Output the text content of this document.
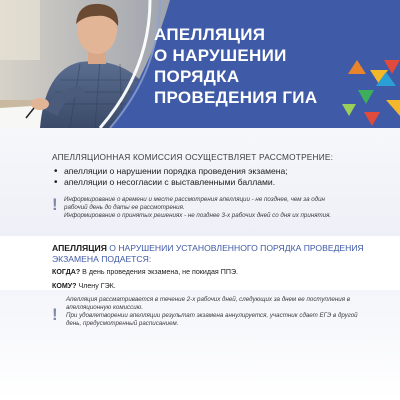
АПЕЛЛЯЦИЯ
О НАРУШЕНИИ
ПОРЯДКА
ПРОВЕДЕНИЯ ГИА
АПЕЛЛЯЦИОННАЯ КОМИССИЯ ОСУЩЕСТВЛЯЕТ РАССМОТРЕНИЕ:
• апелляции о нарушении порядка проведения экзамена;
• апелляции о несогласии с выставленными баллами.
! Информирование о времени и месте рассмотрения апелляции - не позднее, чем за один
рабочий день до даты ее рассмотрения.
Информирование о принятых решениях - не позднее 3-х рабочих дней со дня их принятия.
АПЕЛЛЯЦИЯ О НАРУШЕНИИ УСТАНОВЛЕННОГО ПОРЯДКА ПРОВЕДЕНИЯ
ЭКЗАМЕНА ПОДАЕТСЯ:
КОГДА? В день проведения экзамена, не покидая ППЭ.
КОМУ? Члену ГЭК.
!
Апелляция рассматривается в течение 2-х рабочих дней, следующих за днем ее поступления в
апелляционную комиссию.
При удовлетворении апелляции результат экзамена аннулируется, участник сдает ЕГЭ в другой
день, предусмотренный расписанием.
